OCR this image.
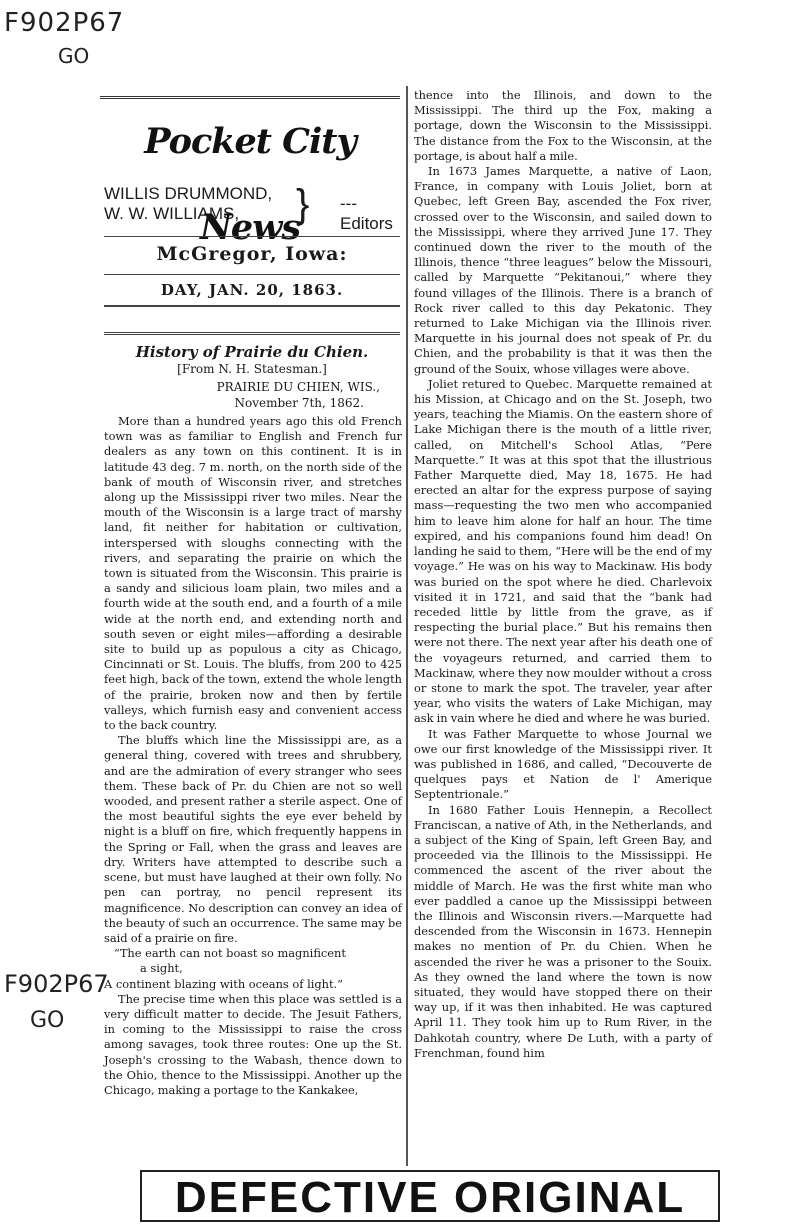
F902P67
GO
F902P67
GO
Pocket City News
WILLIS DRUMMOND,
W. W. WILLIAMS,	} --- Editors
McGregor, Iowa:
DAY, JAN. 20, 1863.
History of Prairie du Chien.
[From N. H. Statesman.]
PRAIRIE DU CHIEN, WIS.,
November 7th, 1862.

More than a hundred years ago this old French town was as familiar to English and French fur dealers as any town on this continent. It is in latitude 43 deg. 7 m. north, on the north side of the bank of mouth of Wisconsin river, and stretches along up the Mississippi river two miles. Near the mouth of the Wisconsin is a large tract of marshy land, fit neither for habitation or cultivation, interspersed with sloughs connecting with the rivers, and separating the prairie on which the town is situated from the Wisconsin. This prairie is a sandy and silicious loam plain, two miles and a fourth wide at the south end, and a fourth of a mile wide at the north end, and extending north and south seven or eight miles—affording a desirable site to build up as populous a city as Chicago, Cincinnati or St. Louis. The bluffs, from 200 to 425 feet high, back of the town, extend the whole length of the prairie, broken now and then by fertile valleys, which furnish easy and convenient access to the back country.

The bluffs which line the Mississippi are, as a general thing, covered with trees and shrubbery, and are the admiration of every stranger who sees them. These back of Pr. du Chien are not so well wooded, and present rather a sterile aspect. One of the most beautiful sights the eye ever beheld by night is a bluff on fire, which frequently happens in the Spring or Fall, when the grass and leaves are dry. Writers have attempted to describe such a scene, but must have laughed at their own folly. No pen can portray, no pencil represent its magnificence. No description can convey an idea of the beauty of such an occurrence. The same may be said of a prairie on fire.

“The earth can not boast so magnificent

a sight,

A continent blazing with oceans of light.”

The precise time when this place was settled is a very difficult matter to decide. The Jesuit Fathers, in coming to the Mississippi to raise the cross among savages, took three routes: One up the St. Joseph's crossing to the Wabash, thence down to the Ohio, thence to the Mississippi. Another up the Chicago, making a portage to the Kankakee,

thence into the Illinois, and down to the Mississippi. The third up the Fox, making a portage, down the Wisconsin to the Mississippi. The distance from the Fox to the Wisconsin, at the portage, is about half a mile.

In 1673 James Marquette, a native of Laon, France, in company with Louis Joliet, born at Quebec, left Green Bay, ascended the Fox river, crossed over to the Wisconsin, and sailed down to the Mississippi, where they arrived June 17. They continued down the river to the mouth of the Illinois, thence “three leagues” below the Missouri, called by Marquette “Pekitanoui,” where they found villages of the Illinois. There is a branch of Rock river called to this day Pekatonic. They returned to Lake Michigan via the Illinois river. Marquette in his journal does not speak of Pr. du Chien, and the probability is that it was then the ground of the Souix, whose villages were above.

Joliet retured to Quebec. Marquette remained at his Mission, at Chicago and on the St. Joseph, two years, teaching the Miamis. On the eastern shore of Lake Michigan there is the mouth of a little river, called, on Mitchell's School Atlas, “Pere Marquette.” It was at this spot that the illustrious Father Marquette died, May 18, 1675. He had erected an altar for the express purpose of saying mass—requesting the two men who accompanied him to leave him alone for half an hour. The time expired, and his companions found him dead! On landing he said to them, “Here will be the end of my voyage.” He was on his way to Mackinaw. His body was buried on the spot where he died. Charlevoix visited it in 1721, and said that the “bank had receded little by little from the grave, as if respecting the burial place.” But his remains then were not there. The next year after his death one of the voyageurs returned, and carried them to Mackinaw, where they now moulder without a cross or stone to mark the spot. The traveler, year after year, who visits the waters of Lake Michigan, may ask in vain where he died and where he was buried.

It was Father Marquette to whose Journal we owe our first knowledge of the Mississippi river. It was published in 1686, and called, “Decouverte de quelques pays et Nation de l' Amerique Septentrionale.”

In 1680 Father Louis Hennepin, a Recollect Franciscan, a native of Ath, in the Netherlands, and a subject of the King of Spain, left Green Bay, and proceeded via the Illinois to the Mississippi. He commenced the ascent of the river about the middle of March. He was the first white man who ever paddled a canoe up the Mississippi between the Illinois and Wisconsin rivers.—Marquette had descended from the Wisconsin in 1673. Hennepin makes no mention of Pr. du Chien. When he ascended the river he was a prisoner to the Souix. As they owned the land where the town is now situated, they would have stopped there on their way up, if it was then inhabited. He was captured April 11. They took him up to Rum River, in the Dahkotah country, where De Luth, with a party of Frenchman, found him

DEFECTIVE ORIGINAL
